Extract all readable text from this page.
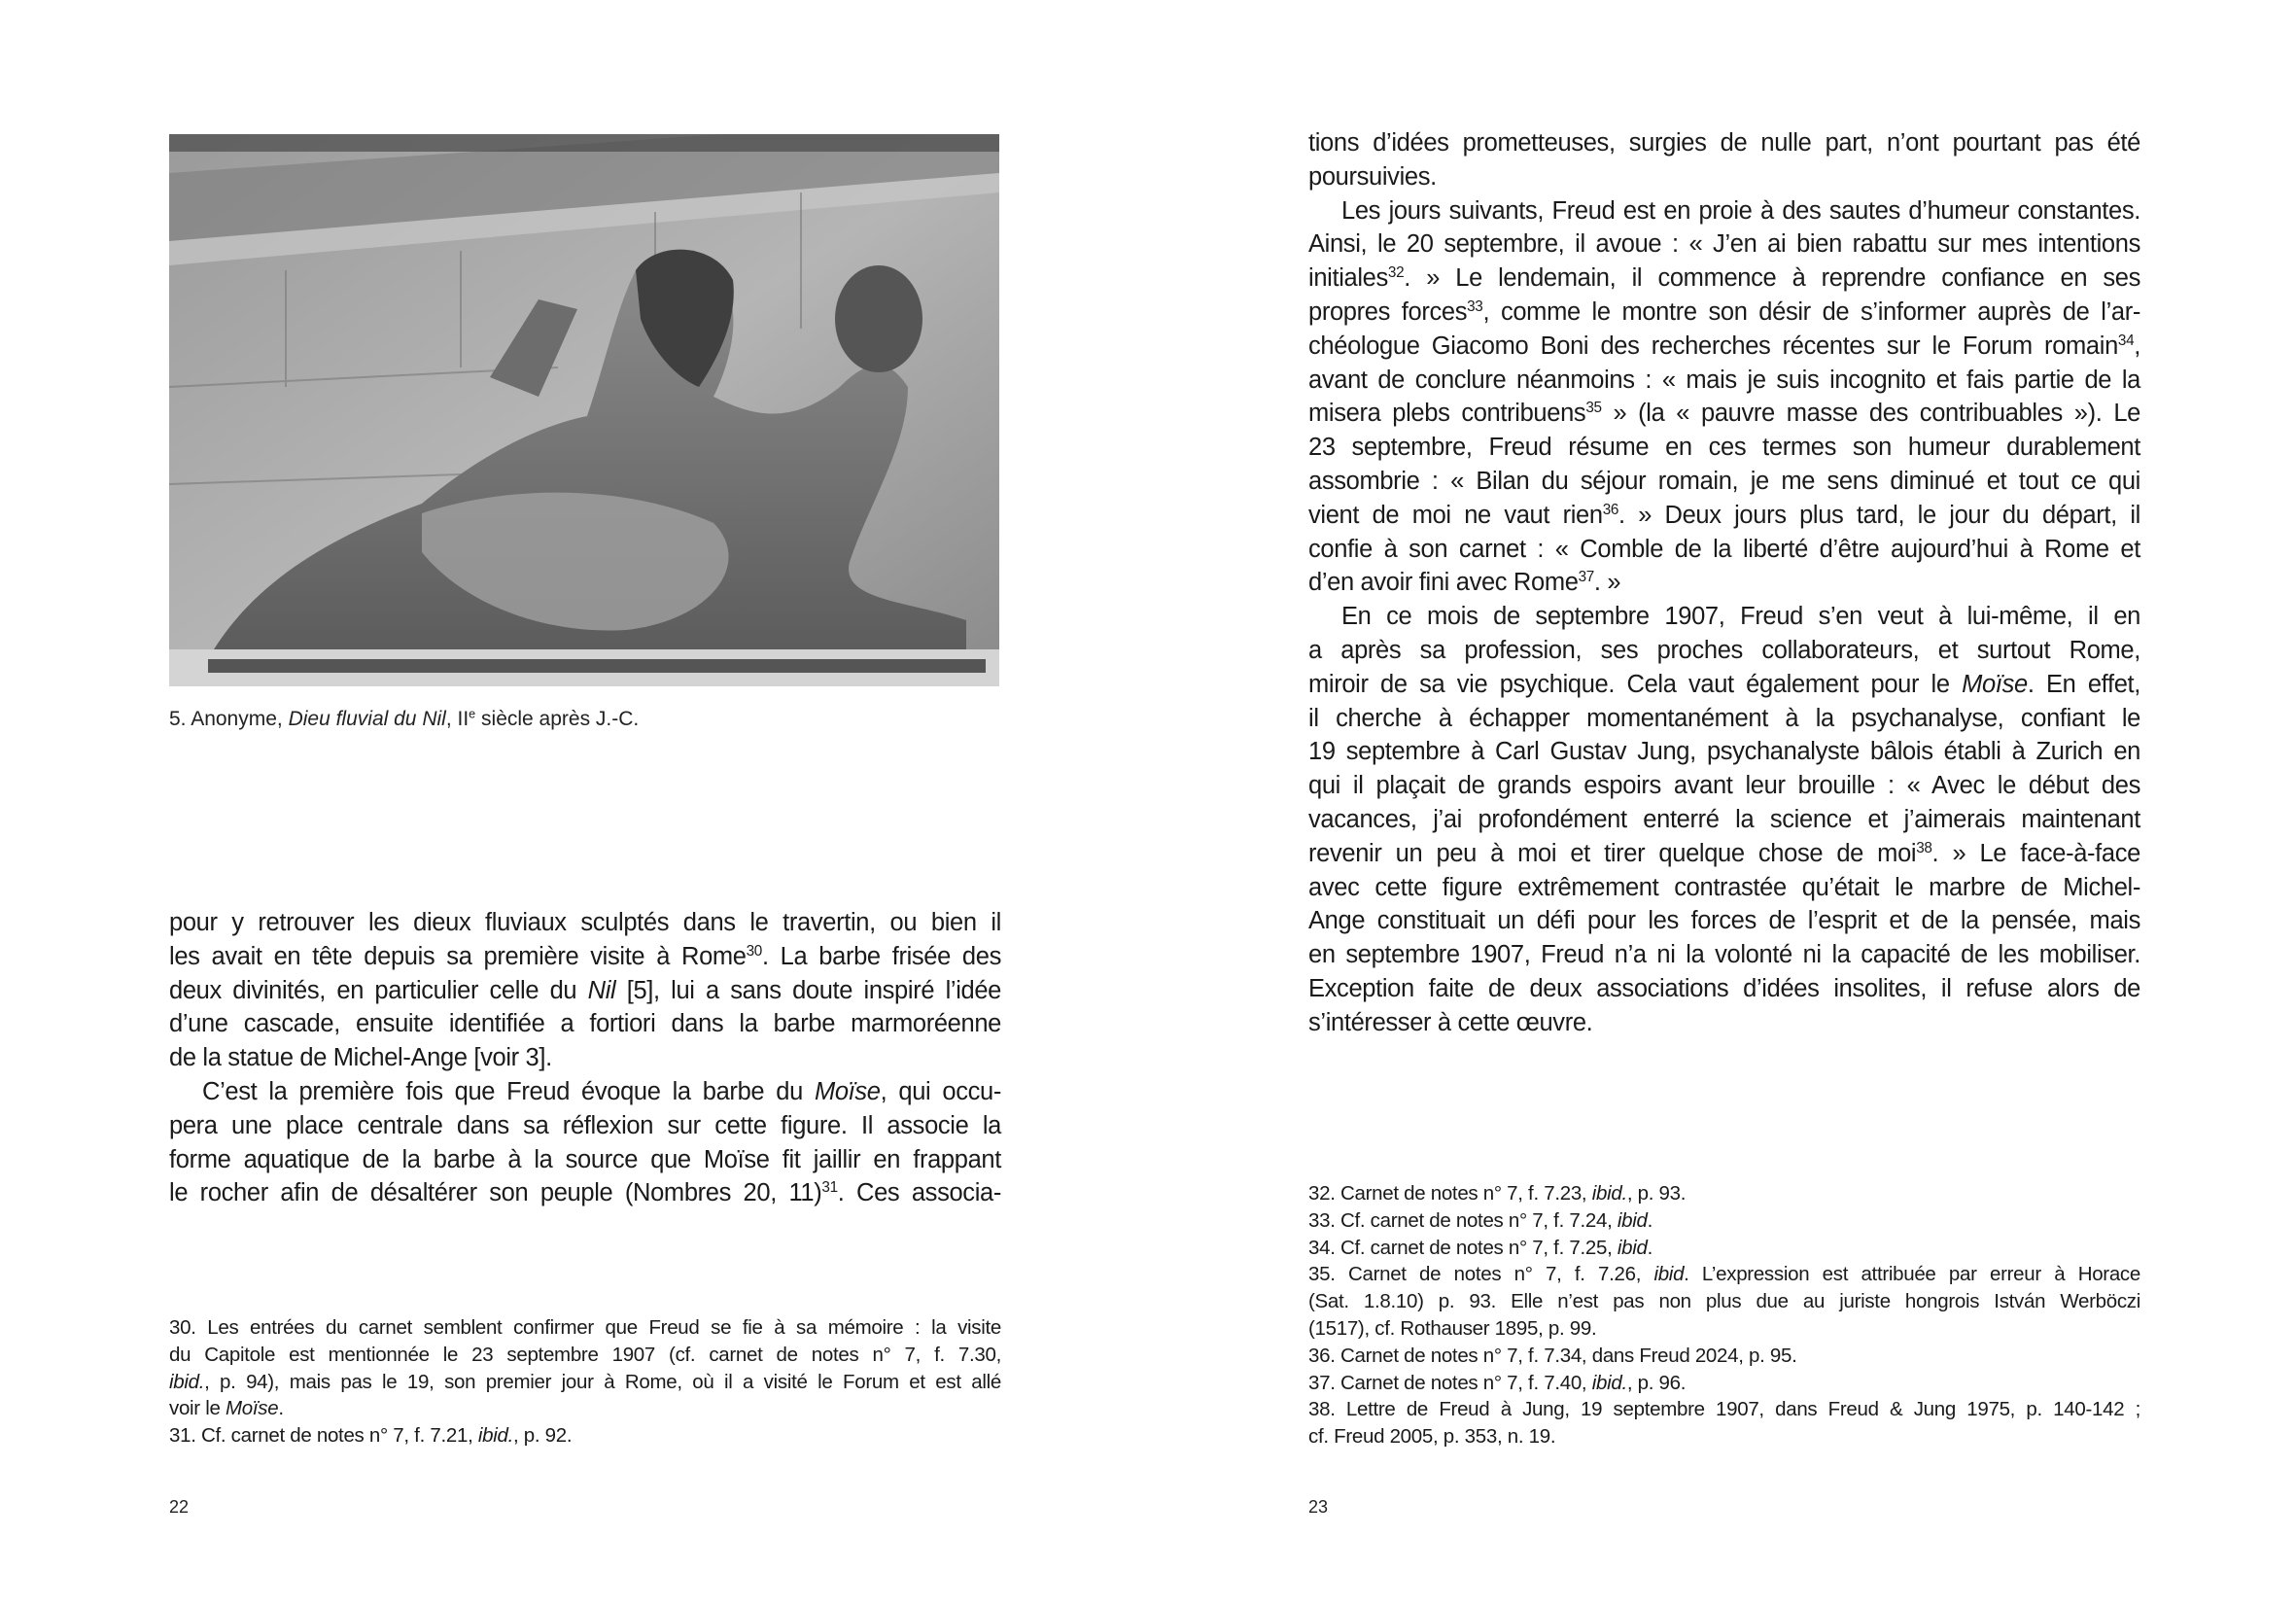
5. Anonyme, Dieu fluvial du Nil, IIe siècle après J.-C.
pour y retrouver les dieux fluviaux sculptés dans le travertin, ou bien il
les avait en tête depuis sa première visite à Rome$^{30}$. La barbe frisée des
deux divinités, en particulier celle du Nil [5], lui a sans doute inspiré l’idée
d’une cascade, ensuite identifiée a fortiori dans la barbe marmoréenne
de la statue de Michel-Ange [voir 3].
C’est la première fois que Freud évoque la barbe du Moïse, qui occu-
pera une place centrale dans sa réflexion sur cette figure. Il associe la
forme aquatique de la barbe à la source que Moïse fit jaillir en frappant
le rocher afin de désaltérer son peuple (Nombres 20, 11)$^{31}$. Ces associa-
30. Les entrées du carnet semblent confirmer que Freud se fie à sa mémoire : la visite
du Capitole est mentionnée le 23 septembre 1907 (cf. carnet de notes n° 7, f. 7.30,
ibid., p. 94), mais pas le 19, son premier jour à Rome, où il a visité le Forum et est allé
voir le Moïse.
31. Cf. carnet de notes n° 7, f. 7.21, ibid., p. 92.
22
tions d’idées prometteuses, surgies de nulle part, n’ont pourtant pas été
poursuivies.
Les jours suivants, Freud est en proie à des sautes d’humeur constantes.
Ainsi, le 20 septembre, il avoue : « J’en ai bien rabattu sur mes intentions
initiales$^{32}$. » Le lendemain, il commence à reprendre confiance en ses
propres forces$^{33}$, comme le montre son désir de s’informer auprès de l’ar-
chéologue Giacomo Boni des recherches récentes sur le Forum romain$^{34}$,
avant de conclure néanmoins : « mais je suis incognito et fais partie de la
misera plebs contribuens$^{35}$ » (la « pauvre masse des contribuables »). Le
23 septembre, Freud résume en ces termes son humeur durablement
assombrie : « Bilan du séjour romain, je me sens diminué et tout ce qui
vient de moi ne vaut rien$^{36}$. » Deux jours plus tard, le jour du départ, il
confie à son carnet : « Comble de la liberté d’être aujourd’hui à Rome et
d’en avoir fini avec Rome$^{37}$. »
En ce mois de septembre 1907, Freud s’en veut à lui-même, il en
a après sa profession, ses proches collaborateurs, et surtout Rome,
miroir de sa vie psychique. Cela vaut également pour le Moïse. En effet,
il cherche à échapper momentanément à la psychanalyse, confiant le
19 septembre à Carl Gustav Jung, psychanalyste bâlois établi à Zurich en
qui il plaçait de grands espoirs avant leur brouille : « Avec le début des
vacances, j’ai profondément enterré la science et j’aimerais maintenant
revenir un peu à moi et tirer quelque chose de moi$^{38}$. » Le face-à-face
avec cette figure extrêmement contrastée qu’était le marbre de Michel-
Ange constituait un défi pour les forces de l’esprit et de la pensée, mais
en septembre 1907, Freud n’a ni la volonté ni la capacité de les mobiliser.
Exception faite de deux associations d’idées insolites, il refuse alors de
s’intéresser à cette œuvre.
32. Carnet de notes n° 7, f. 7.23, ibid., p. 93.
33. Cf. carnet de notes n° 7, f. 7.24, ibid.
34. Cf. carnet de notes n° 7, f. 7.25, ibid.
35. Carnet de notes n° 7, f. 7.26, ibid. L’expression est attribuée par erreur à Horace
(Sat. 1.8.10) p. 93. Elle n’est pas non plus due au juriste hongrois István Werböczi
(1517), cf. Rothauser 1895, p. 99.
36. Carnet de notes n° 7, f. 7.34, dans Freud 2024, p. 95.
37. Carnet de notes n° 7, f. 7.40, ibid., p. 96.
38. Lettre de Freud à Jung, 19 septembre 1907, dans Freud & Jung 1975, p. 140-142 ;
cf. Freud 2005, p. 353, n. 19.
23
